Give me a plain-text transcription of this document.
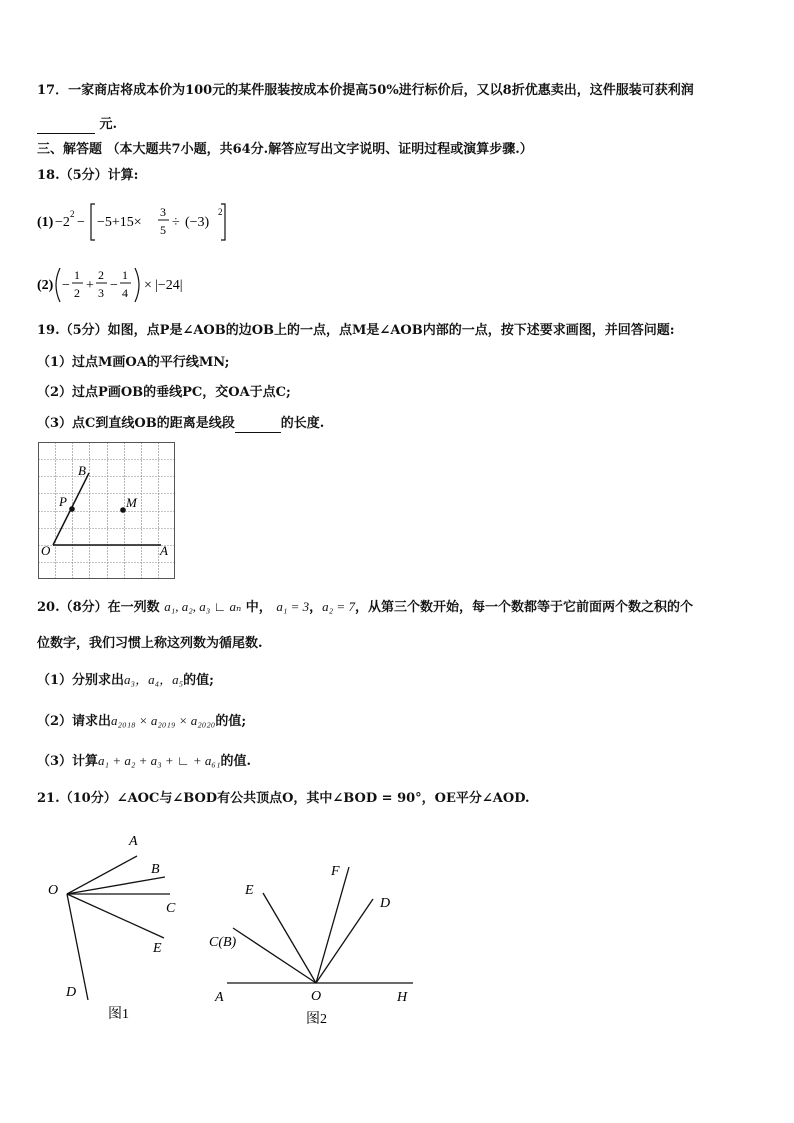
17．一家商店将成本价为100元的某件服装按成本价提高50%进行标价后，又以8折优惠卖出，这件服装可获利润
元.
三、解答题 （本大题共7小题，共64分.解答应写出文字说明、证明过程或演算步骤.）
18.（5分）计算:
(1) −2
2
− −5+15×
3
5 ÷ (−3)
2
(2) −
1
2 +
2
3 −
1
4 × |−24|
19.（5分）如图，点P是∠AOB的边OB上的一点，点M是∠AOB内部的一点，按下述要求画图，并回答问题:
（1）过点M画OA的平行线MN;
（2）过点P画OB的垂线PC，交OA于点C;
（3）点C到直线OB的距离是线段	的长度.
B
P	M
O	A
20.（8分）在一列数 a₁, a₂, a₃ ∟ aₙ 中， a₁ = 3，a₂ = 7，从第三个数开始，每一个数都等于它前面两个数之积的个
位数字，我们习惯上称这列数为循尾数.
（1）分别求出a₃，a₄，a₅的值;
（2）请求出a₂₀₁₈ × a₂₀₁₉ × a₂₀₂₀的值;
（3）计算a₁ + a₂ + a₃ + ∟ + a₆₁的值.
21.（10分）∠AOC与∠BOD有公共顶点O，其中∠BOD = 90°，OE平分∠AOD.
A
B
O
C
E
D
图1
F
E
D
C(B)
A	O	H
图2
